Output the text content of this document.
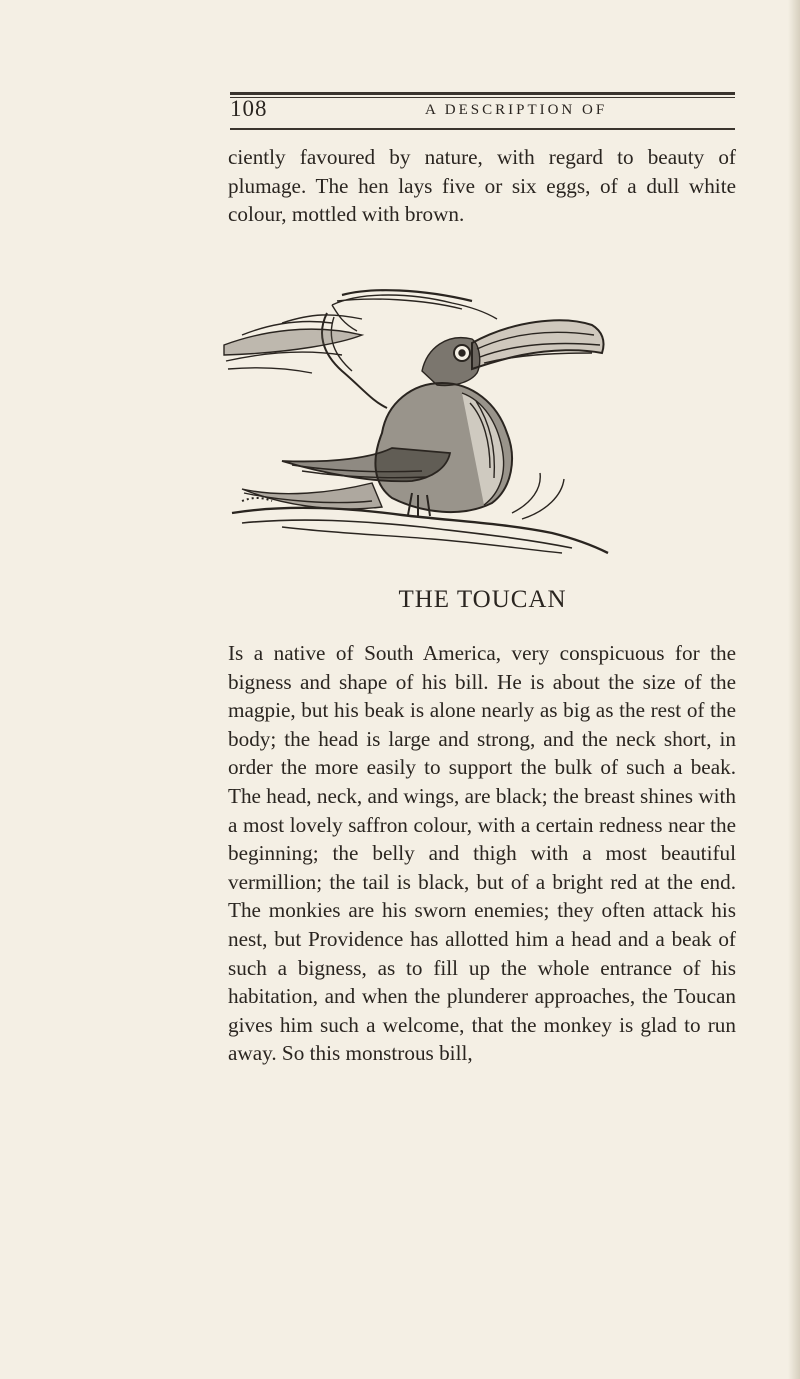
108	A DESCRIPTION OF

ciently favoured by nature, with regard to beauty of plumage. The hen lays five or six eggs, of a dull white colour, mottled with brown.

THE TOUCAN

Is a native of South America, very conspicuous for the bigness and shape of his bill. He is about the size of the magpie, but his beak is alone nearly as big as the rest of the body; the head is large and strong, and the neck short, in order the more easily to support the bulk of such a beak. The head, neck, and wings, are black; the breast shines with a most lovely saffron colour, with a certain redness near the beginning; the belly and thigh with a most beautiful vermillion; the tail is black, but of a bright red at the end. The monkies are his sworn enemies; they often attack his nest, but Providence has allotted him a head and a beak of such a bigness, as to fill up the whole entrance of his habitation, and when the plunderer approaches, the Toucan gives him such a welcome, that the monkey is glad to run away. So this monstrous bill,
